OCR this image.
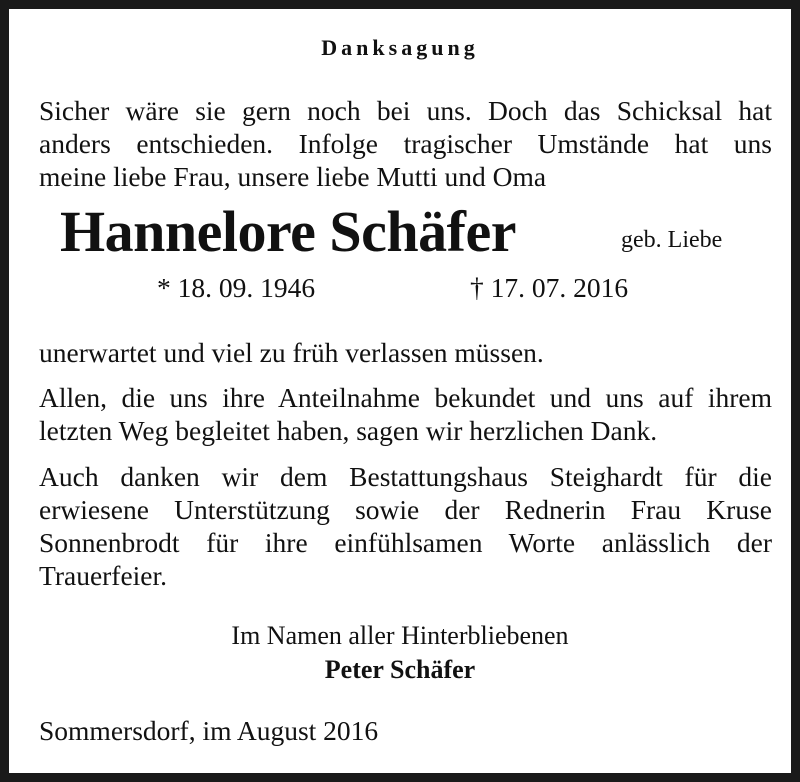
Danksagung
Sicher wäre sie gern noch bei uns. Doch das Schicksal hat
anders entschieden. Infolge tragischer Umstände hat uns
meine liebe Frau, unsere liebe Mutti und Oma
Hannelore Schäfer	geb. Liebe
* 18. 09. 1946	† 17. 07. 2016
unerwartet und viel zu früh verlassen müssen.
Allen, die uns ihre Anteilnahme bekundet und uns auf ihrem
letzten Weg begleitet haben, sagen wir herzlichen Dank.
Auch danken wir dem Bestattungshaus Steighardt für die
erwiesene Unterstützung sowie der Rednerin Frau Kruse
Sonnenbrodt für ihre einfühlsamen Worte anlässlich der
Trauerfeier.
Im Namen aller Hinterbliebenen
Peter Schäfer
Sommersdorf, im August 2016
